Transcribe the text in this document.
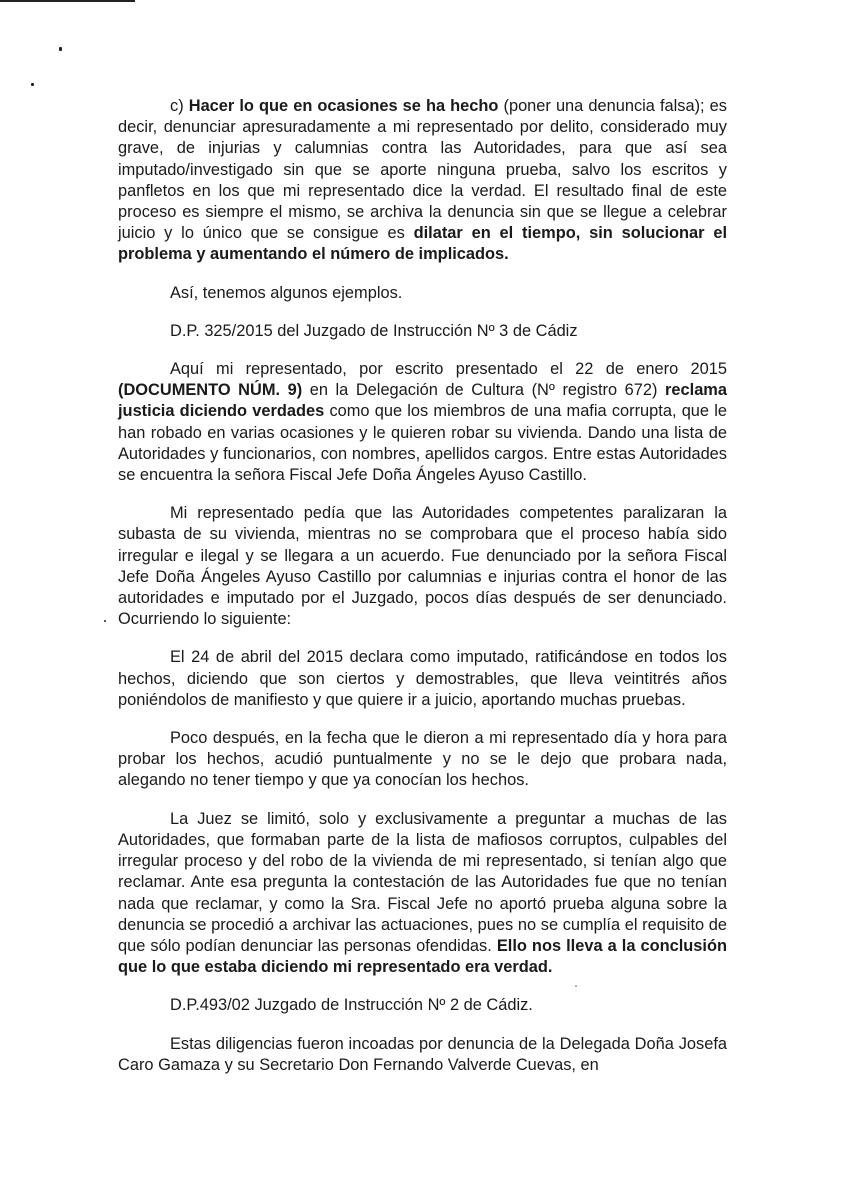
c) Hacer lo que en ocasiones se ha hecho (poner una denuncia falsa); es decir, denunciar apresuradamente a mi representado por delito, considerado muy grave, de injurias y calumnias contra las Autoridades, para que así sea imputado/investigado sin que se aporte ninguna prueba, salvo los escritos y panfletos en los que mi representado dice la verdad. El resultado final de este proceso es siempre el mismo, se archiva la denuncia sin que se llegue a celebrar juicio y lo único que se consigue es dilatar en el tiempo, sin solucionar el problema y aumentando el número de implicados.

Así, tenemos algunos ejemplos.

D.P. 325/2015 del Juzgado de Instrucción Nº 3 de Cádiz

Aquí mi representado, por escrito presentado el 22 de enero 2015 (DOCUMENTO NÚM. 9) en la Delegación de Cultura (Nº registro 672) reclama justicia diciendo verdades como que los miembros de una mafia corrupta, que le han robado en varias ocasiones y le quieren robar su vivienda. Dando una lista de Autoridades y funcionarios, con nombres, apellidos cargos. Entre estas Autoridades se encuentra la señora Fiscal Jefe Doña Ángeles Ayuso Castillo.

Mi representado pedía que las Autoridades competentes paralizaran la subasta de su vivienda, mientras no se comprobara que el proceso había sido irregular e ilegal y se llegara a un acuerdo. Fue denunciado por la señora Fiscal Jefe Doña Ángeles Ayuso Castillo por calumnias e injurias contra el honor de las autoridades e imputado por el Juzgado, pocos días después de ser denunciado. Ocurriendo lo siguiente:

El 24 de abril del 2015 declara como imputado, ratificándose en todos los hechos, diciendo que son ciertos y demostrables, que lleva veintitrés años poniéndolos de manifiesto y que quiere ir a juicio, aportando muchas pruebas.

Poco después, en la fecha que le dieron a mi representado día y hora para probar los hechos, acudió puntualmente y no se le dejo que probara nada, alegando no tener tiempo y que ya conocían los hechos.

La Juez se limitó, solo y exclusivamente a preguntar a muchas de las Autoridades, que formaban parte de la lista de mafiosos corruptos, culpables del irregular proceso y del robo de la vivienda de mi representado, si tenían algo que reclamar. Ante esa pregunta la contestación de las Autoridades fue que no tenían nada que reclamar, y como la Sra. Fiscal Jefe no aportó prueba alguna sobre la denuncia se procedió a archivar las actuaciones, pues no se cumplía el requisito de que sólo podían denunciar las personas ofendidas. Ello nos lleva a la conclusión que lo que estaba diciendo mi representado era verdad.

D.P.493/02 Juzgado de Instrucción Nº 2 de Cádiz.

Estas diligencias fueron incoadas por denuncia de la Delegada Doña Josefa Caro Gamaza y su Secretario Don Fernando Valverde Cuevas, en
